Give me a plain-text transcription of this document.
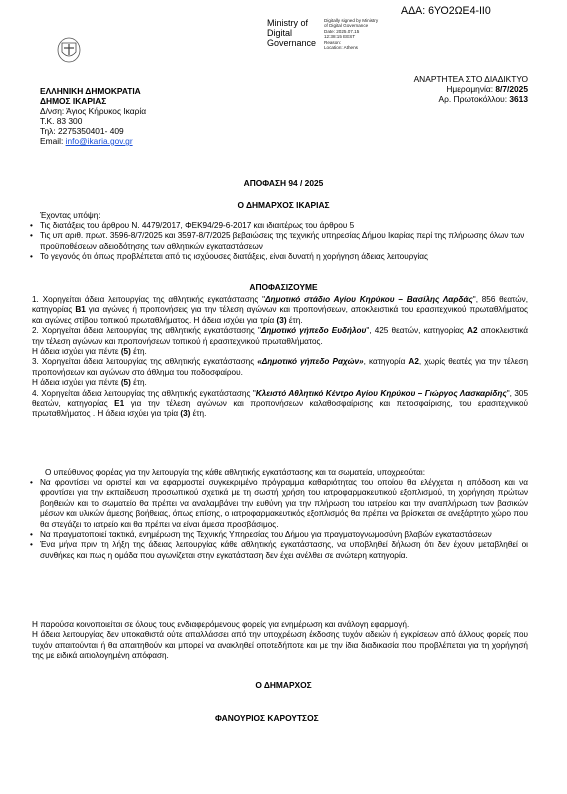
ΑΔΑ: 6ΥΟ2ΩΕ4-ΙΙ0
Ministry of
Digital
Governance
Digitally signed by Ministry
of Digital Governance
Date: 2025.07.15
12:38:15 EEST
Reason:
Location: Athens
ΕΛΛΗΝΙΚΗ ΔΗΜΟΚΡΑΤΙΑ
ΔΗΜΟΣ ΙΚΑΡΙΑΣ
Δ/νση: Άγιος Κήρυκος Ικαρία
Τ.Κ. 83 300
Τηλ: 2275350401- 409
Email: info@ikaria.gov.gr
ΑΝΑΡΤΗΤΕΑ ΣΤΟ ΔΙΑΔΙΚΤΥΟ
Ημερομηνία: 8/7/2025
Αρ. Πρωτοκόλλου: 3613
ΑΠΟΦΑΣΗ 94 / 2025
Ο ΔΗΜΑΡΧΟΣ ΙΚΑΡΙΑΣ
Έχοντας υπόψη:
• Τις διατάξεις του άρθρου Ν. 4479/2017, ΦΕΚ94/29-6-2017 και ιδιαιτέρως του άρθρου 5
• Τις υπ αριθ. πρωτ. 3596-8/7/2025 και 3597-8/7/2025 βεβαιώσεις της τεχνικής υπηρεσίας Δήμου Ικαρίας περί της πλήρωσης όλων των προϋποθέσεων αδειοδότησης των αθλητικών εγκαταστάσεων
• Το γεγονός ότι όπως προβλέπεται από τις ισχύουσες διατάξεις, είναι δυνατή η χορήγηση άδειας λειτουργίας
ΑΠΟΦΑΣΙΖΟΥΜΕ

1. Χορηγείται άδεια λειτουργίας της αθλητικής εγκατάστασης "Δημοτικό στάδιο Αγίου Κηρύκου – Βασίλης Λαρδάς", 856 θεατών, κατηγορίας Β1 για αγώνες ή προπονήσεις για την τέλεση αγώνων και προπονήσεων, αποκλειστικά του ερασιτεχνικού πρωταθλήματος και αγώνες στίβου τοπικού πρωταθλήματος. Η άδεια ισχύει για τρία (3) έτη.

2. Χορηγείται άδεια λειτουργίας της αθλητικής εγκατάστασης "Δημοτικό γήπεδο Ευδήλου", 425 θεατών, κατηγορίας Α2 αποκλειστικά την τέλεση αγώνων και προπονήσεων τοπικού ή ερασιτεχνικού πρωταθλήματος.
Η άδεια ισχύει για πέντε (5) έτη.

3. Χορηγείται άδεια λειτουργίας της αθλητικής εγκατάστασης «Δημοτικό γήπεδο Ραχών», κατηγορία Α2, χωρίς θεατές για την τέλεση προπονήσεων και αγώνων στο άθλημα του ποδοσφαίρου.
Η άδεια ισχύει για πέντε (5) έτη.

4. Χορηγείται άδεια λειτουργίας της αθλητικής εγκατάστασης "Κλειστό Αθλητικό Κέντρο Αγίου Κηρύκου – Γιώργος Λασκαρίδης", 305 θεατών, κατηγορίας Ε1 για την τέλεση αγώνων και προπονήσεων καλαθοσφαίρισης και πετοσφαίρισης, του ερασιτεχνικού πρωταθλήματος . Η άδεια ισχύει για τρία (3) έτη.

Ο υπεύθυνος φορέας για την λειτουργία της κάθε αθλητικής εγκατάστασης και τα σωματεία, υποχρεούται:
• Να φροντίσει να οριστεί και να εφαρμοστεί συγκεκριμένο πρόγραμμα καθαριότητας του οποίου θα ελέγχεται η απόδοση και να φροντίσει για την εκπαίδευση προσωπικού σχετικά με τη σωστή χρήση του ιατροφαρμακευτικού εξοπλισμού, τη χορήγηση πρώτων βοηθειών και το σωματείο θα πρέπει να αναλαμβάνει την ευθύνη για την πλήρωση του ιατρείου και την αναπλήρωση των βασικών μέσων και υλικών άμεσης βοήθειας, όπως επίσης, ο ιατροφαρμακευτικός εξοπλισμός θα πρέπει να βρίσκεται σε ανεξάρτητο χώρο που θα στεγάζει το ιατρείο και θα πρέπει να είναι άμεσα προσβάσιμος.
• Να πραγματοποιεί τακτικά, ενημέρωση της Τεχνικής Υπηρεσίας του Δήμου για πραγματογνωμοσύνη βλαβών εγκαταστάσεων
• Ένα μήνα πριν τη λήξη της άδειας λειτουργίας κάθε αθλητικής εγκατάστασης, να υποβληθεί δήλωση ότι δεν έχουν μεταβληθεί οι συνθήκες και πως η ομάδα που αγωνίζεται στην εγκατάσταση δεν έχει ανέλθει σε ανώτερη κατηγορία.

Η παρούσα κοινοποιείται σε όλους τους ενδιαφερόμενους φορείς για ενημέρωση και ανάλογη εφαρμογή.

Η άδεια λειτουργίας δεν υποκαθιστά ούτε απαλλάσσει από την υποχρέωση έκδοσης τυχόν αδειών ή εγκρίσεων από άλλους φορείς που τυχόν απαιτούνται ή θα απαιτηθούν και μπορεί να ανακληθεί οποτεδήποτε και με την ίδια διαδικασία που προβλέπεται για τη χορήγησή της με ειδικά αιτιολογημένη απόφαση.

Ο ΔΗΜΑΡΧΟΣ
ΦΑΝΟΥΡΙΟΣ ΚΑΡΟΥΤΣΟΣ
